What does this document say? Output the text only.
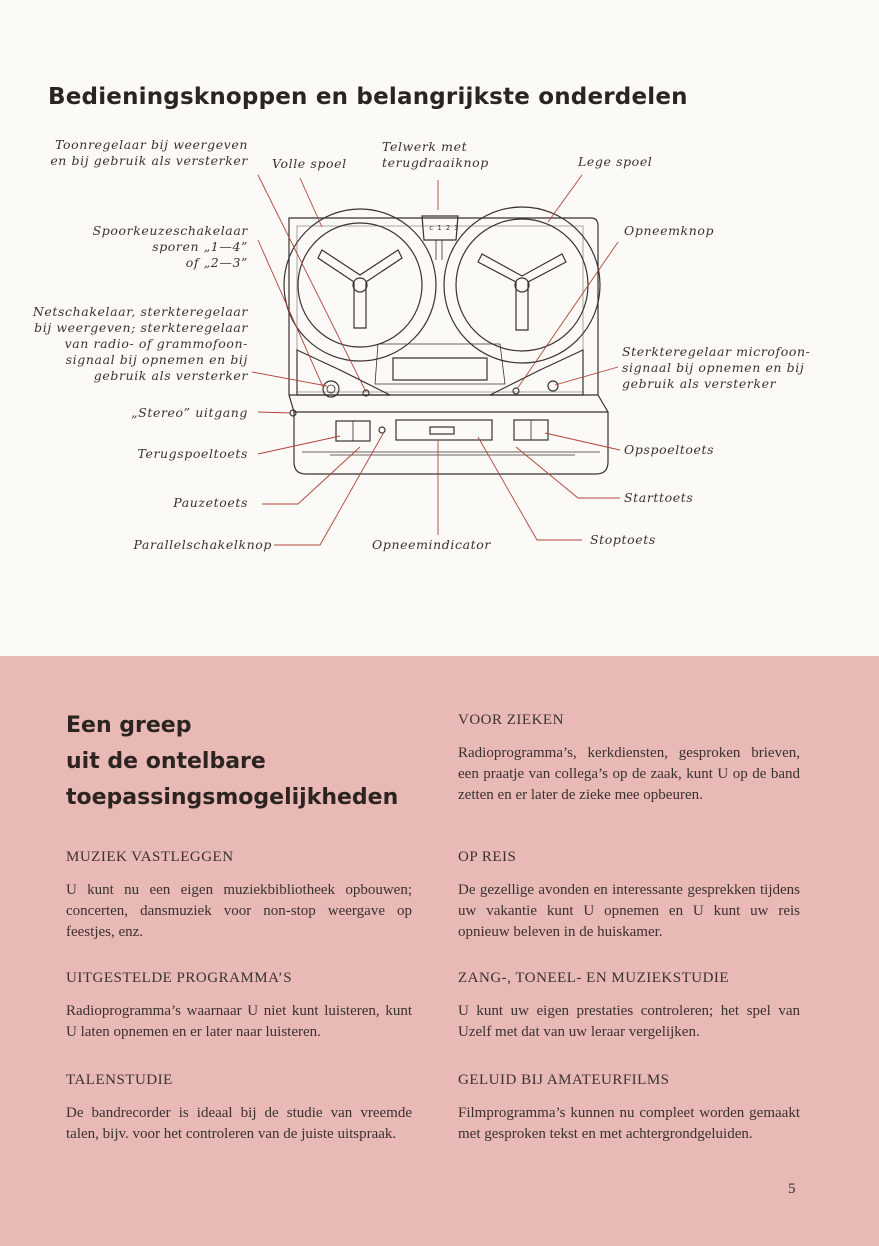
Bedieningsknoppen en belangrijkste onderdelen
c 1 2 3
Toonregelaar bij weergeven
en bij gebruik als versterker Volle spoel
Telwerk met
terugdraaiknop	Lege spoel
Spoorkeuzeschakelaar
sporen „1—4”
of „2—3”
Opneemknop
Netschakelaar, sterkteregelaar
bij weergeven; sterkteregelaar
van radio- of grammofoon-
signaal bij opnemen en bij
gebruik als versterker
Sterkteregelaar microfoon-
signaal bij opnemen en bij
gebruik als versterker
„Stereo” uitgang
Terugspoeltoets	Opspoeltoets
Pauzetoets	Starttoets
Parallelschakelknop	Opneemindicator	Stoptoets
Een greep
uit de ontelbare
toepassingsmogelijkheden
MUZIEK VASTLEGGEN
U kunt nu een eigen muziekbibliotheek opbouwen; concerten, dansmuziek voor non-stop weergave op feestjes, enz.
UITGESTELDE PROGRAMMA’S
Radioprogramma’s waarnaar U niet kunt luisteren, kunt U laten opnemen en er later naar luisteren.
TALENSTUDIE
De bandrecorder is ideaal bij de studie van vreemde talen, bijv. voor het controleren van de juiste uitspraak.
VOOR ZIEKEN
Radioprogramma’s, kerkdiensten, gesproken brieven, een praatje van collega’s op de zaak, kunt U op de band zetten en er later de zieke mee opbeuren.
OP REIS
De gezellige avonden en interessante gesprekken tijdens uw vakantie kunt U opnemen en U kunt uw reis opnieuw beleven in de huiskamer.
ZANG-, TONEEL- EN MUZIEKSTUDIE
U kunt uw eigen prestaties controleren; het spel van Uzelf met dat van uw leraar vergelijken.
GELUID BIJ AMATEURFILMS
Filmprogramma’s kunnen nu compleet worden gemaakt met gesproken tekst en met achtergrondgeluiden.
5
